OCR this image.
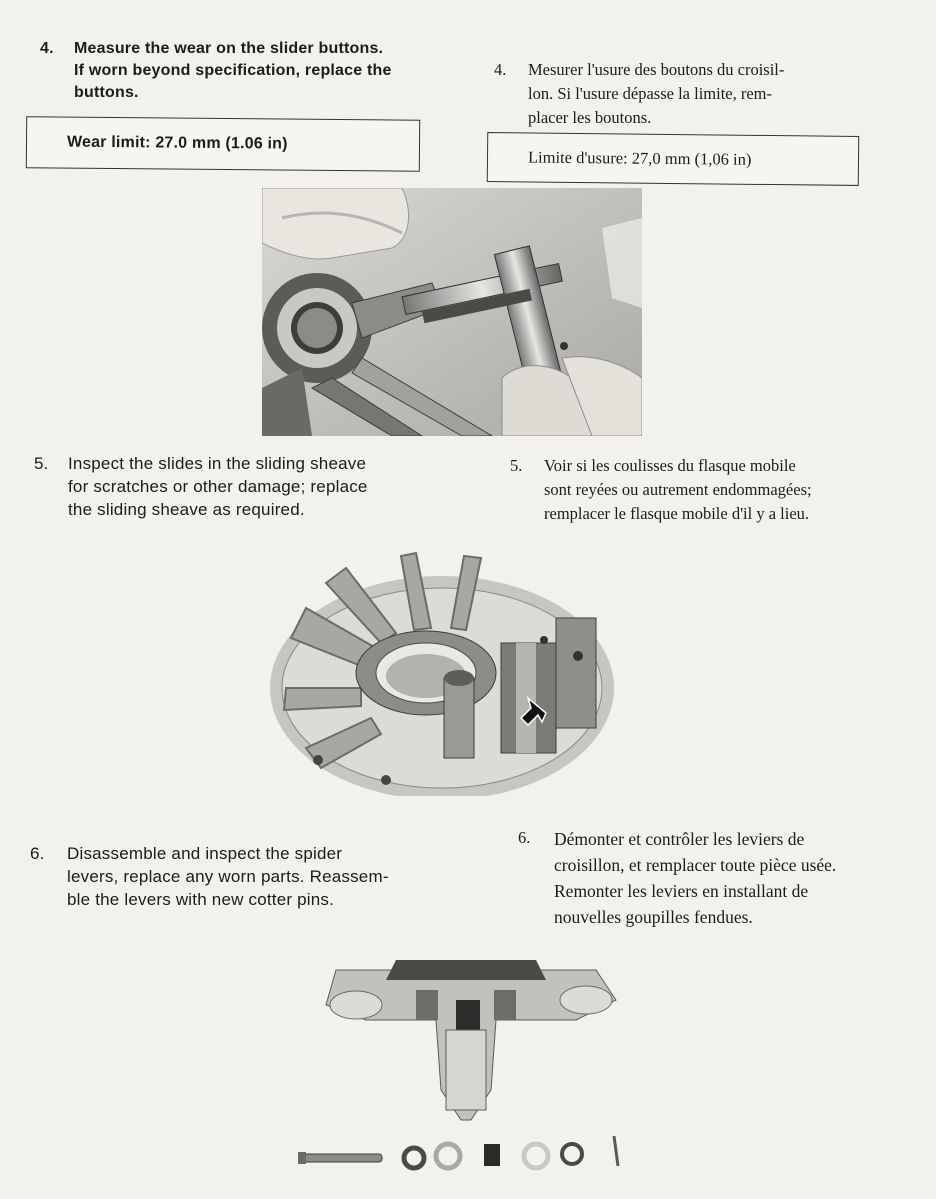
4. Measure the wear on the slider buttons.
If worn beyond specification, replace the
buttons.
4. Mesurer l'usure des boutons du croisil-
lon. Si l'usure dépasse la limite, rem-
placer les boutons.
Wear limit: 27.0 mm (1.06 in)
Limite d'usure: 27,0 mm (1,06 in)
5. Inspect the slides in the sliding sheave
for scratches or other damage; replace
the sliding sheave as required.
5. Voir si les coulisses du flasque mobile
sont reyées ou autrement endommagées;
remplacer le flasque mobile d'il y a lieu.
6. Disassemble and inspect the spider
levers, replace any worn parts. Reassem-
ble the levers with new cotter pins.
6. Démonter et contrôler les leviers de
croisillon, et remplacer toute pièce usée.
Remonter les leviers en installant de
nouvelles goupilles fendues.
